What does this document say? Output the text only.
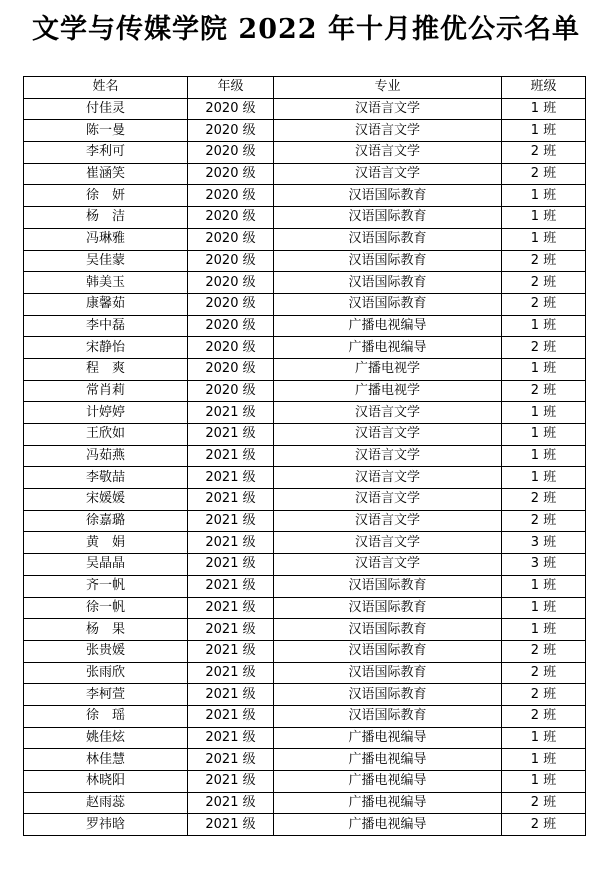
文学与传媒学院 2022 年十月推优公示名单
姓名	年级	专业	班级
付佳灵	2020 级	汉语言文学	1 班
陈一曼	2020 级	汉语言文学	1 班
李利可	2020 级	汉语言文学	2 班
崔涵笑	2020 级	汉语言文学	2 班
徐　妍	2020 级	汉语国际教育	1 班
杨　洁	2020 级	汉语国际教育	1 班
冯琳雅	2020 级	汉语国际教育	1 班
吴佳蒙	2020 级	汉语国际教育	2 班
韩美玉	2020 级	汉语国际教育	2 班
康馨茹	2020 级	汉语国际教育	2 班
李中磊	2020 级	广播电视编导	1 班
宋静怡	2020 级	广播电视编导	2 班
程　爽	2020 级	广播电视学	1 班
常肖莉	2020 级	广播电视学	2 班
计婷婷	2021 级	汉语言文学	1 班
王欣如	2021 级	汉语言文学	1 班
冯茹燕	2021 级	汉语言文学	1 班
李敬喆	2021 级	汉语言文学	1 班
宋媛媛	2021 级	汉语言文学	2 班
徐嘉璐	2021 级	汉语言文学	2 班
黄　娟	2021 级	汉语言文学	3 班
吴晶晶	2021 级	汉语言文学	3 班
齐一帆	2021 级	汉语国际教育	1 班
徐一帆	2021 级	汉语国际教育	1 班
杨　果	2021 级	汉语国际教育	1 班
张贵媛	2021 级	汉语国际教育	2 班
张雨欣	2021 级	汉语国际教育	2 班
李柯萱	2021 级	汉语国际教育	2 班
徐　瑶	2021 级	汉语国际教育	2 班
姚佳炫	2021 级	广播电视编导	1 班
林佳慧	2021 级	广播电视编导	1 班
林晓阳	2021 级	广播电视编导	1 班
赵雨蕊	2021 级	广播电视编导	2 班
罗祎晗	2021 级	广播电视编导	2 班
